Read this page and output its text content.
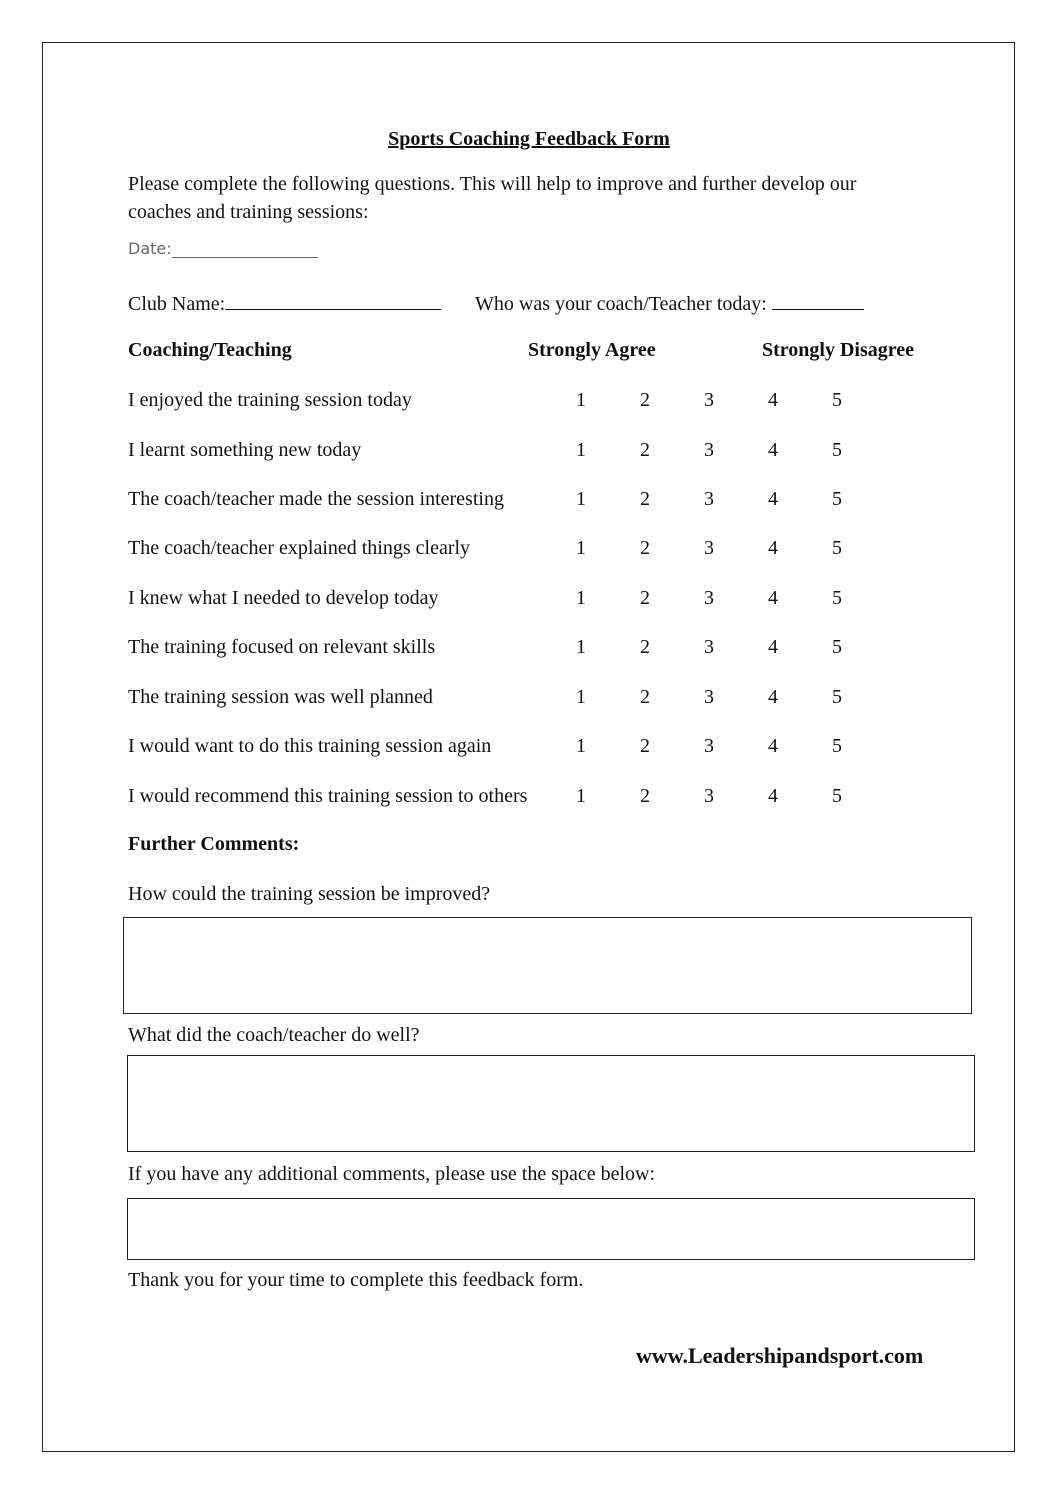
Sports Coaching Feedback Form
Please complete the following questions. This will help to improve and further develop our
coaches and training sessions:
Date:
Club Name:	Who was your coach/Teacher today:
Coaching/Teaching	Strongly Agree	Strongly Disagree
I enjoyed the training session today	1	2	3	4	5
I learnt something new today	1	2	3	4	5
The coach/teacher made the session interesting	1	2	3	4	5
The coach/teacher explained things clearly	1	2	3	4	5
I knew what I needed to develop today	1	2	3	4	5
The training focused on relevant skills	1	2	3	4	5
The training session was well planned	1	2	3	4	5
I would want to do this training session again	1	2	3	4	5
I would recommend this training session to others 1	2	3	4	5
Further Comments:
How could the training session be improved?
What did the coach/teacher do well?
If you have any additional comments, please use the space below:
Thank you for your time to complete this feedback form.
www.Leadershipandsport.com
